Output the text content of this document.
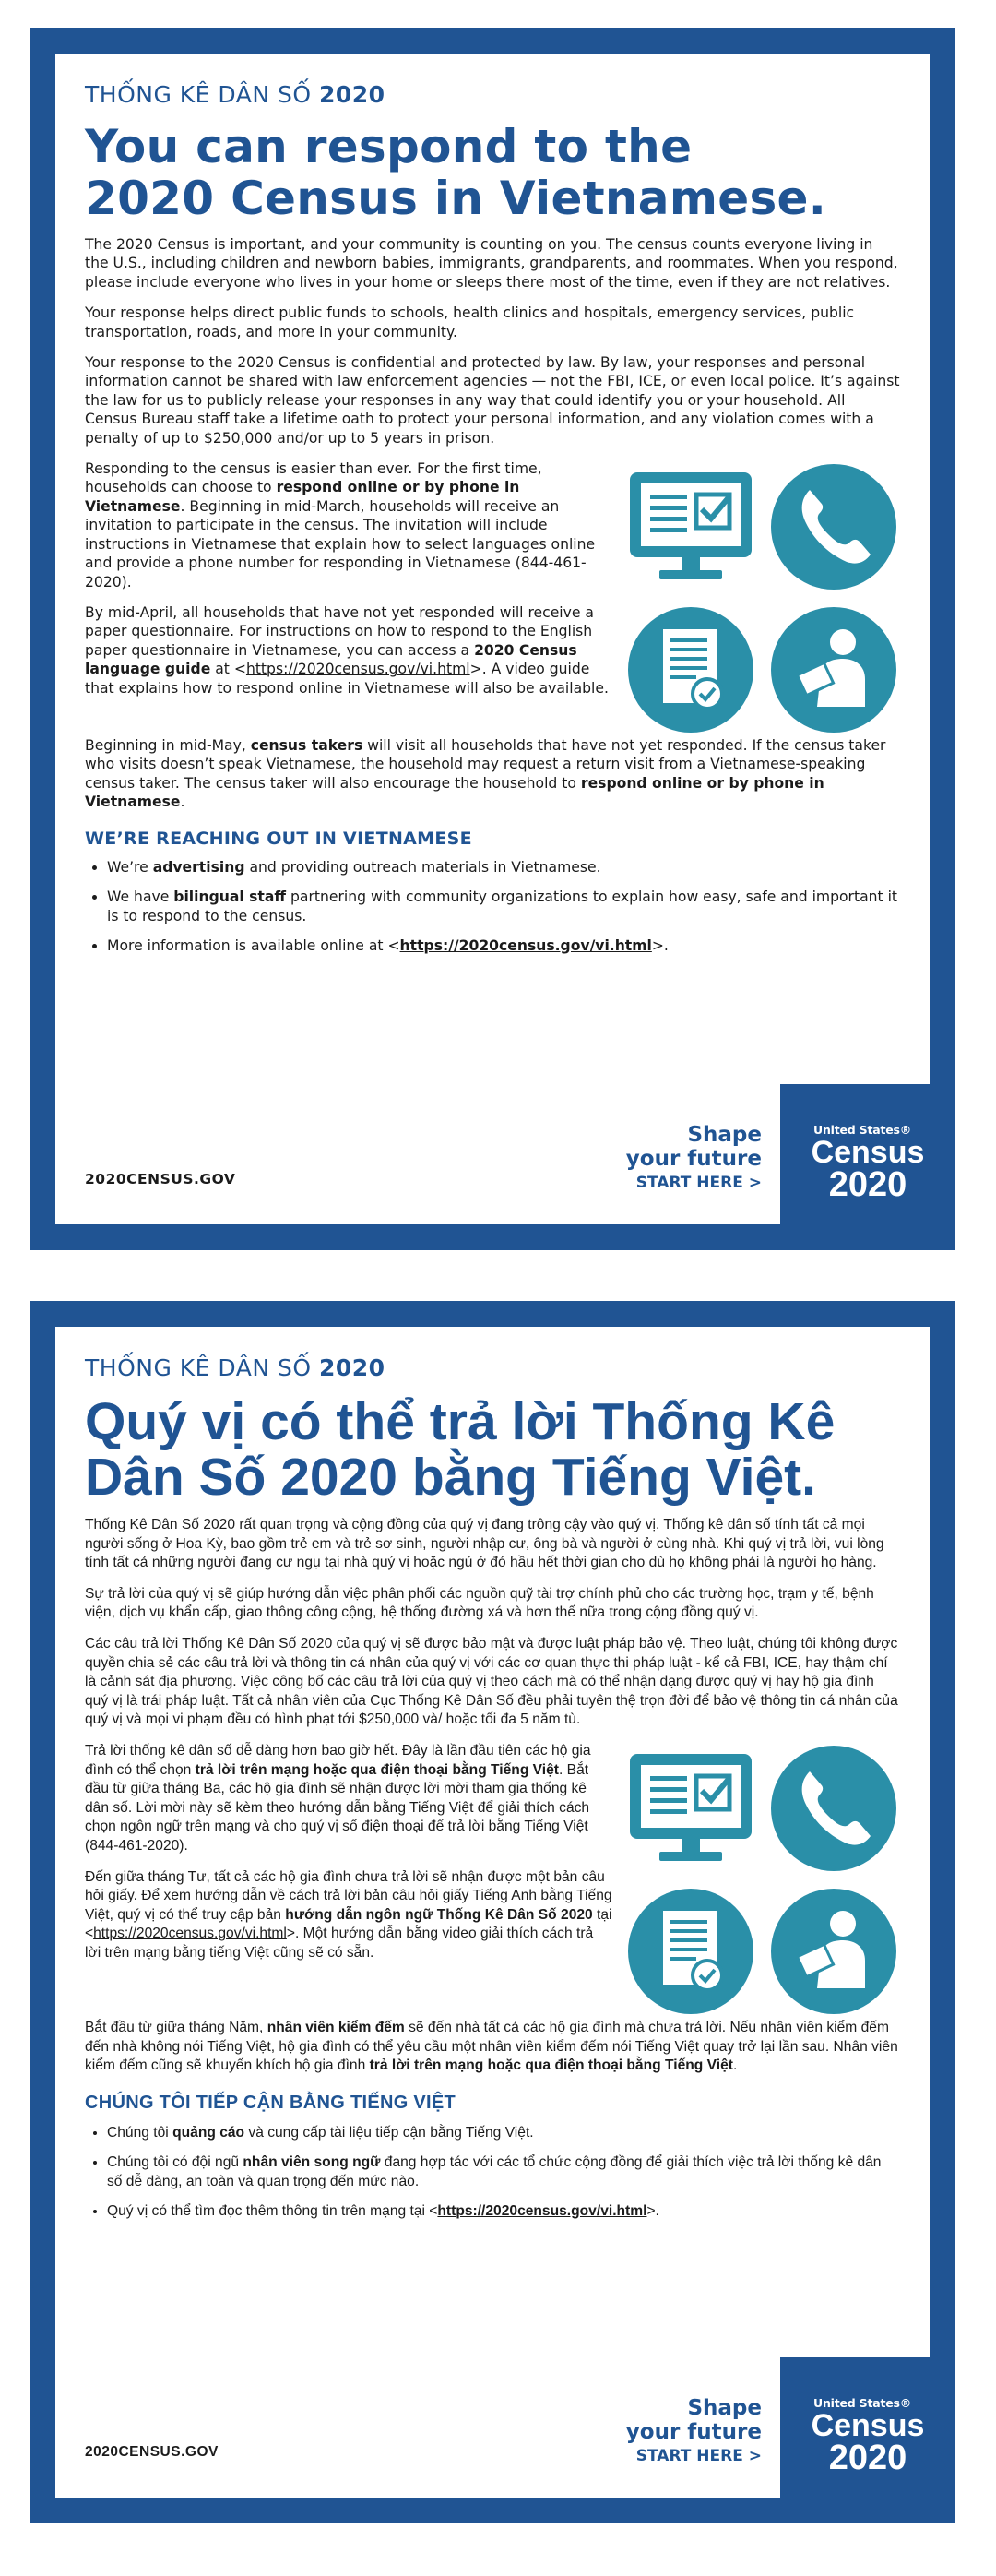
THỐNG KÊ DÂN SỐ 2020
You can respond to the
2020 Census in Vietnamese.

The 2020 Census is important, and your community is counting on you. The census counts everyone living in the U.S., including children and newborn babies, immigrants, grandparents, and roommates. When you respond, please include everyone who lives in your home or sleeps there most of the time, even if they are not relatives.

Your response helps direct public funds to schools, health clinics and hospitals, emergency services, public transportation, roads, and more in your community.

Your response to the 2020 Census is confidential and protected by law. By law, your responses and personal information cannot be shared with law enforcement agencies — not the FBI, ICE, or even local police. It’s against the law for us to publicly release your responses in any way that could identify you or your household. All Census Bureau staff take a lifetime oath to protect your personal information, and any violation comes with a penalty of up to $250,000 and/or up to 5 years in prison.

Responding to the census is easier than ever. For the first time, households can choose to respond online or by phone in Vietnamese. Beginning in mid-March, households will receive an invitation to participate in the census. The invitation will include instructions in Vietnamese that explain how to select languages online and provide a phone number for responding in Vietnamese (844-461-2020).

By mid-April, all households that have not yet responded will receive a paper questionnaire. For instructions on how to respond to the English paper questionnaire in Vietnamese, you can access a 2020 Census language guide at <https://2020census.gov/vi.html>. A video guide that explains how to respond online in Vietnamese will also be available.

Beginning in mid-May, census takers will visit all households that have not yet responded. If the census taker who visits doesn’t speak Vietnamese, the household may request a return visit from a Vietnamese-speaking census taker. The census taker will also encourage the household to respond online or by phone in Vietnamese.

WE’RE REACHING OUT IN VIETNAMESE
• We’re advertising and providing outreach materials in Vietnamese.
• We have bilingual staff partnering with community organizations to explain how easy, safe and important it is to respond to the census.
• More information is available online at <https://2020census.gov/vi.html>.
2020CENSUS.GOV
Shape
your future
START HERE >
United States®
Census
2020
THỐNG KÊ DÂN SỐ 2020
Quý vị có thể trả lời Thống Kê
Dân Số 2020 bằng Tiếng Việt.

Thống Kê Dân Số 2020 rất quan trọng và cộng đồng của quý vị đang trông cậy vào quý vị. Thống kê dân số tính tất cả mọi người sống ở Hoa Kỳ, bao gồm trẻ em và trẻ sơ sinh, người nhập cư, ông bà và người ở cùng nhà. Khi quý vị trả lời, vui lòng tính tất cả những người đang cư ngụ tại nhà quý vị hoặc ngủ ở đó hầu hết thời gian cho dù họ không phải là người họ hàng.

Sự trả lời của quý vị sẽ giúp hướng dẫn việc phân phối các nguồn quỹ tài trợ chính phủ cho các trường học, trạm y tế, bệnh viện, dịch vụ khẩn cấp, giao thông công cộng, hệ thống đường xá và hơn thế nữa trong cộng đồng quý vị.

Các câu trả lời Thống Kê Dân Số 2020 của quý vị sẽ được bảo mật và được luật pháp bảo vệ. Theo luật, chúng tôi không được quyền chia sẻ các câu trả lời và thông tin cá nhân của quý vị với các cơ quan thực thi pháp luật - kể cả FBI, ICE, hay thậm chí là cảnh sát địa phương. Việc công bố các câu trả lời của quý vị theo cách mà có thể nhận dạng được quý vị hay hộ gia đình quý vị là trái pháp luật. Tất cả nhân viên của Cục Thống Kê Dân Số đều phải tuyên thệ trọn đời để bảo vệ thông tin cá nhân của quý vị và mọi vi phạm đều có hình phạt tới $250,000 và/ hoặc tối đa 5 năm tù.

Trả lời thống kê dân số dễ dàng hơn bao giờ hết. Đây là lần đầu tiên các hộ gia đình có thể chọn trả lời trên mạng hoặc qua điện thoại bằng Tiếng Việt. Bắt đầu từ giữa tháng Ba, các hộ gia đình sẽ nhận được lời mời tham gia thống kê dân số. Lời mời này sẽ kèm theo hướng dẫn bằng Tiếng Việt để giải thích cách chọn ngôn ngữ trên mạng và cho quý vị số điện thoại để trả lời bằng Tiếng Việt (844-461-2020).

Đến giữa tháng Tư, tất cả các hộ gia đình chưa trả lời sẽ nhận được một bản câu hỏi giấy. Để xem hướng dẫn về cách trả lời bản câu hỏi giấy Tiếng Anh bằng Tiếng Việt, quý vị có thể truy cập bản hướng dẫn ngôn ngữ Thống Kê Dân Số 2020 tại <https://2020census.gov/vi.html>. Một hướng dẫn bằng video giải thích cách trả lời trên mạng bằng tiếng Việt cũng sẽ có sẵn.

Bắt đầu từ giữa tháng Năm, nhân viên kiểm đếm sẽ đến nhà tất cả các hộ gia đình mà chưa trả lời. Nếu nhân viên kiểm đếm đến nhà không nói Tiếng Việt, hộ gia đình có thể yêu cầu một nhân viên kiểm đếm nói Tiếng Việt quay trở lại lần sau. Nhân viên kiểm đếm cũng sẽ khuyến khích hộ gia đình trả lời trên mạng hoặc qua điện thoại bằng Tiếng Việt.

CHÚNG TÔI TIẾP CẬN BẰNG TIẾNG VIỆT
• Chúng tôi quảng cáo và cung cấp tài liệu tiếp cận bằng Tiếng Việt.
• Chúng tôi có đội ngũ nhân viên song ngữ đang hợp tác với các tổ chức cộng đồng để giải thích việc trả lời thống kê dân số dễ dàng, an toàn và quan trọng đến mức nào.
• Quý vị có thể tìm đọc thêm thông tin trên mạng tại <https://2020census.gov/vi.html>.
2020CENSUS.GOV
Shape
your future
START HERE >
United States®
Census
2020
